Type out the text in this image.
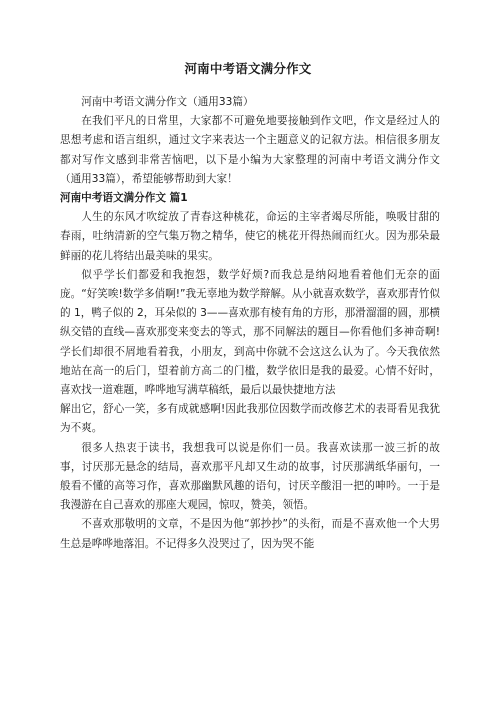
河南中考语文满分作文

河南中考语文满分作文（通用33篇）

在我们平凡的日常里，大家都不可避免地要接触到作文吧，作文是经过人的思想考虑和语言组织，通过文字来表达一个主题意义的记叙方法。相信很多朋友都对写作文感到非常苦恼吧，以下是小编为大家整理的河南中考语文满分作文（通用33篇），希望能够帮助到大家！

河南中考语文满分作文 篇1

人生的东风才吹绽放了青春这种桃花，命运的主宰者竭尽所能，唤吸甘甜的春雨，吐纳清新的空气集万物之精华，使它的桃花开得热闹而红火。因为那朵最鲜丽的花儿将结出最美味的果实。

似乎学长们都爱和我抱怨，数学好烦?而我总是纳闷地看着他们无奈的面庞。“好笑唉!数学多俏啊!”我无辜地为数学辩解。从小就喜欢数学，喜欢那青竹似的 1，鸭子似的 2，耳朵似的 3——喜欢那有棱有角的方形，那滑溜溜的圆，那横纵交错的直线—喜欢那变来变去的等式，那不同解法的题目—你看他们多神奇啊!学长们却很不屑地看着我，小朋友，到高中你就不会这这么认为了。今天我依然地站在高一的后门，望着前方高二的门槛，数学依旧是我的最爱。心情不好时，喜欢找一道难题，哗哗地写满草稿纸，最后以最快捷地方法

解出它，舒心一笑，多有成就感啊!因此我那位因数学而改修艺术的表哥看见我犹为不爽。

很多人热衷于读书，我想我可以说是你们一员。我喜欢读那一波三折的故事，讨厌那无悬念的结局，喜欢那平凡却又生动的故事，讨厌那满纸华丽句，一般看不懂的高等习作，喜欢那幽默风趣的语句，讨厌辛酸泪一把的呻吟。一于是我漫游在自己喜欢的那座大观园，惊叹，赞美，领悟。

不喜欢那敬明的文章，不是因为他“郭抄抄”的头衔，而是不喜欢他一个大男生总是哗哗地落泪。不记得多久没哭过了，因为哭不能
